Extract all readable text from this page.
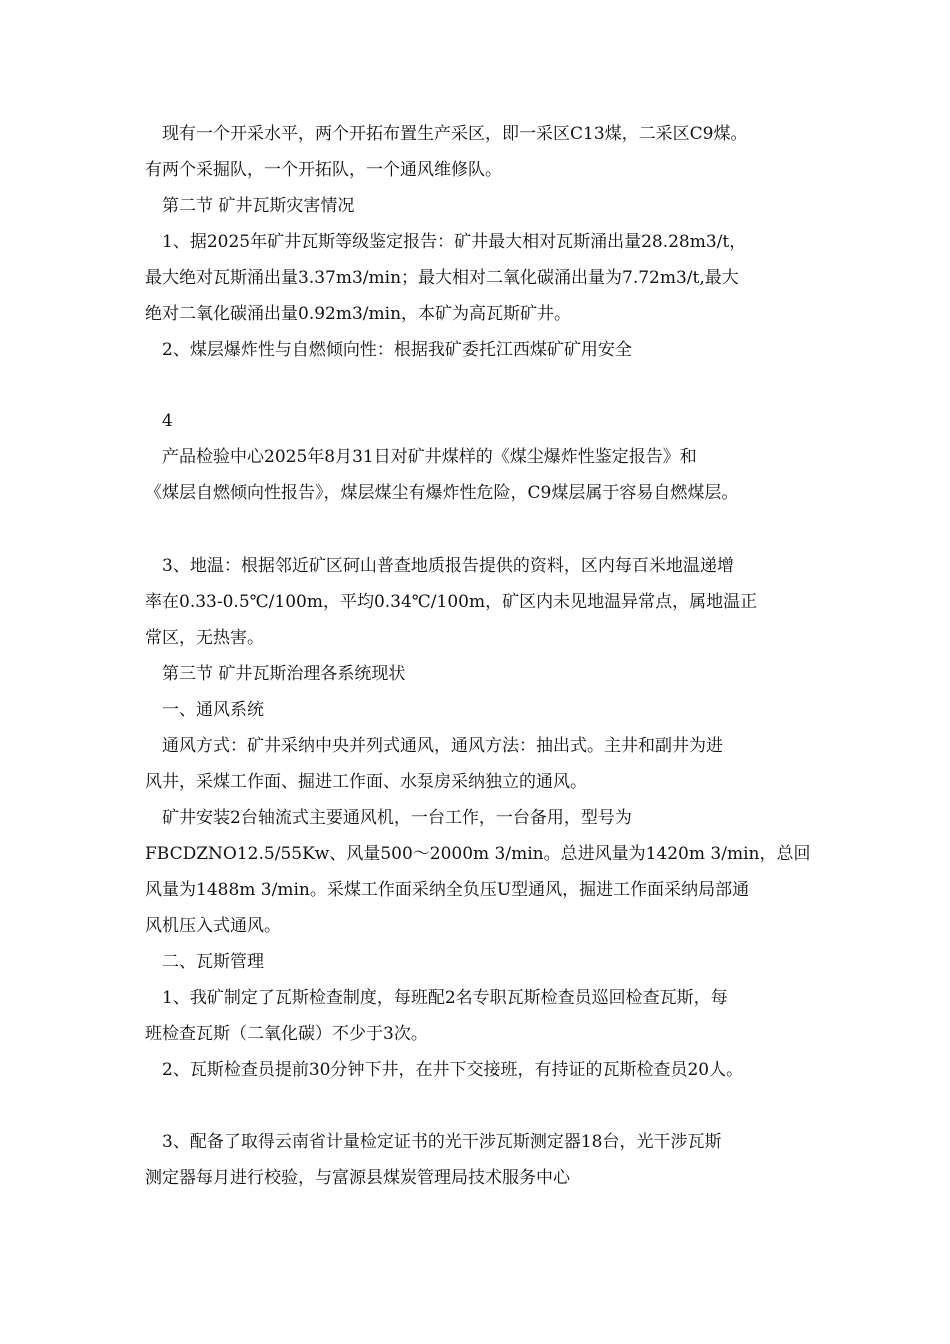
现有一个开采水平，两个开拓布置生产采区，即一采区C13煤，二采区C9煤。
有两个采掘队，一个开拓队，一个通风维修队。
第二节 矿井瓦斯灾害情况
1、据2025年矿井瓦斯等级鉴定报告：矿井最大相对瓦斯涌出量28.28m3/t，
最大绝对瓦斯涌出量3.37m3/min；最大相对二氧化碳涌出量为7.72m3/t,最大
绝对二氧化碳涌出量0.92m3/min，本矿为高瓦斯矿井。
2、煤层爆炸性与自燃倾向性：根据我矿委托江西煤矿矿用安全
4
产品检验中心2025年8月31日对矿井煤样的《煤尘爆炸性鉴定报告》和
《煤层自燃倾向性报告》，煤层煤尘有爆炸性危险，C9煤层属于容易自燃煤层。
3、地温：根据邻近矿区砢山普查地质报告提供的资料，区内每百米地温递增
率在0.33-0.5℃/100m，平均0.34℃/100m，矿区内未见地温异常点，属地温正
常区，无热害。
第三节 矿井瓦斯治理各系统现状
一、通风系统
通风方式：矿井采纳中央并列式通风，通风方法：抽出式。主井和副井为进
风井，采煤工作面、掘进工作面、水泵房采纳独立的通风。
矿井安装2台轴流式主要通风机，一台工作，一台备用，型号为
FBCDZNO12.5/55Kw、风量500～2000m 3/min。总进风量为1420m 3/min，总回
风量为1488m 3/min。采煤工作面采纳全负压U型通风，掘进工作面采纳局部通
风机压入式通风。
二、瓦斯管理
1、我矿制定了瓦斯检查制度，每班配2名专职瓦斯检查员巡回检查瓦斯，每
班检查瓦斯（二氧化碳）不少于3次。
2、瓦斯检查员提前30分钟下井，在井下交接班，有持证的瓦斯检查员20人。
3、配备了取得云南省计量检定证书的光干涉瓦斯测定器18台，光干涉瓦斯
测定器每月进行校验，与富源县煤炭管理局技术服务中心
